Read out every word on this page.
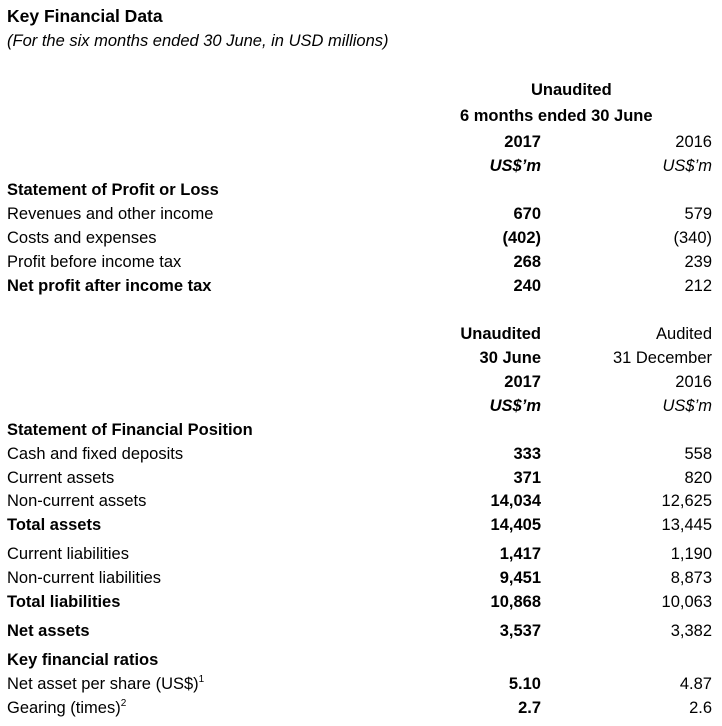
Key Financial Data
(For the six months ended 30 June, in USD millions)
Unaudited
6 months ended 30 June
2017	2016
US$’m	US$’m
Statement of Profit or Loss
Revenues and other income	670	579
Costs and expenses	(402)	(340)
Profit before income tax	268	239
Net profit after income tax	240	212
Unaudited	Audited
30 June	31 December
2017	2016
US$’m	US$’m
Statement of Financial Position
Cash and fixed deposits	333	558
Current assets	371	820
Non-current assets	14,034	12,625
Total assets	14,405	13,445
Current liabilities	1,417	1,190
Non-current liabilities	9,451	8,873
Total liabilities	10,868	10,063
Net assets	3,537	3,382
Key financial ratios
Net asset per share (US$)$^1$	5.10	4.87
Gearing (times)$^2$	2.7	2.6
